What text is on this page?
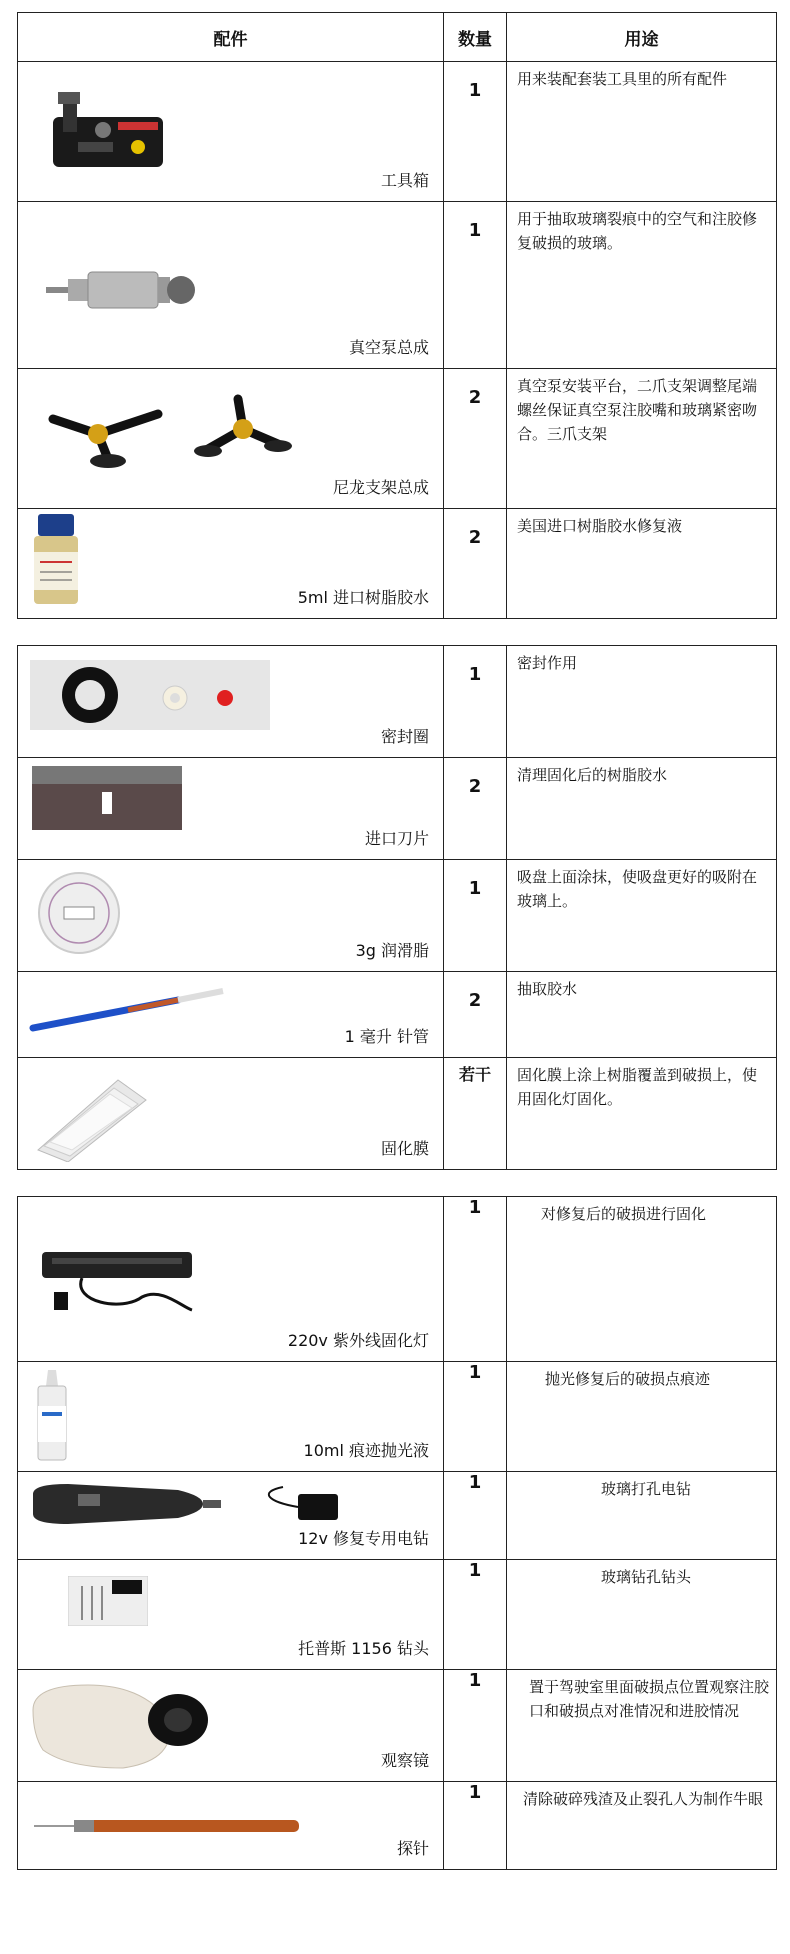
配件	数量	用途

工具箱	1	用来装配套装工具里的所有配件

真空泵总成	1	用于抽取玻璃裂痕中的空气和注胶修复破损的玻璃。

尼龙支架总成	2	真空泵安装平台，二爪支架调整尾端螺丝保证真空泵注胶嘴和玻璃紧密吻合。三爪支架

5ml 进口树脂胶水	2	美国进口树脂胶水修复液
密封圈	1	密封作用

进口刀片	2	清理固化后的树脂胶水

3g 润滑脂	1	吸盘上面涂抹，使吸盘更好的吸附在玻璃上。

1 毫升 针管	2	抽取胶水

固化膜	若干	固化膜上涂上树脂覆盖到破损上，使用固化灯固化。
220v 紫外线固化灯	1	对修复后的破损进行固化

10ml 痕迹抛光液	1	抛光修复后的破损点痕迹

12v 修复专用电钻	1	玻璃打孔电钻

托普斯 1156 钻头	1	玻璃钻孔钻头

观察镜	1	置于驾驶室里面破损点位置观察注胶口和破损点对准情况和进胶情况

探针	1	清除破碎残渣及止裂孔人为制作牛眼
